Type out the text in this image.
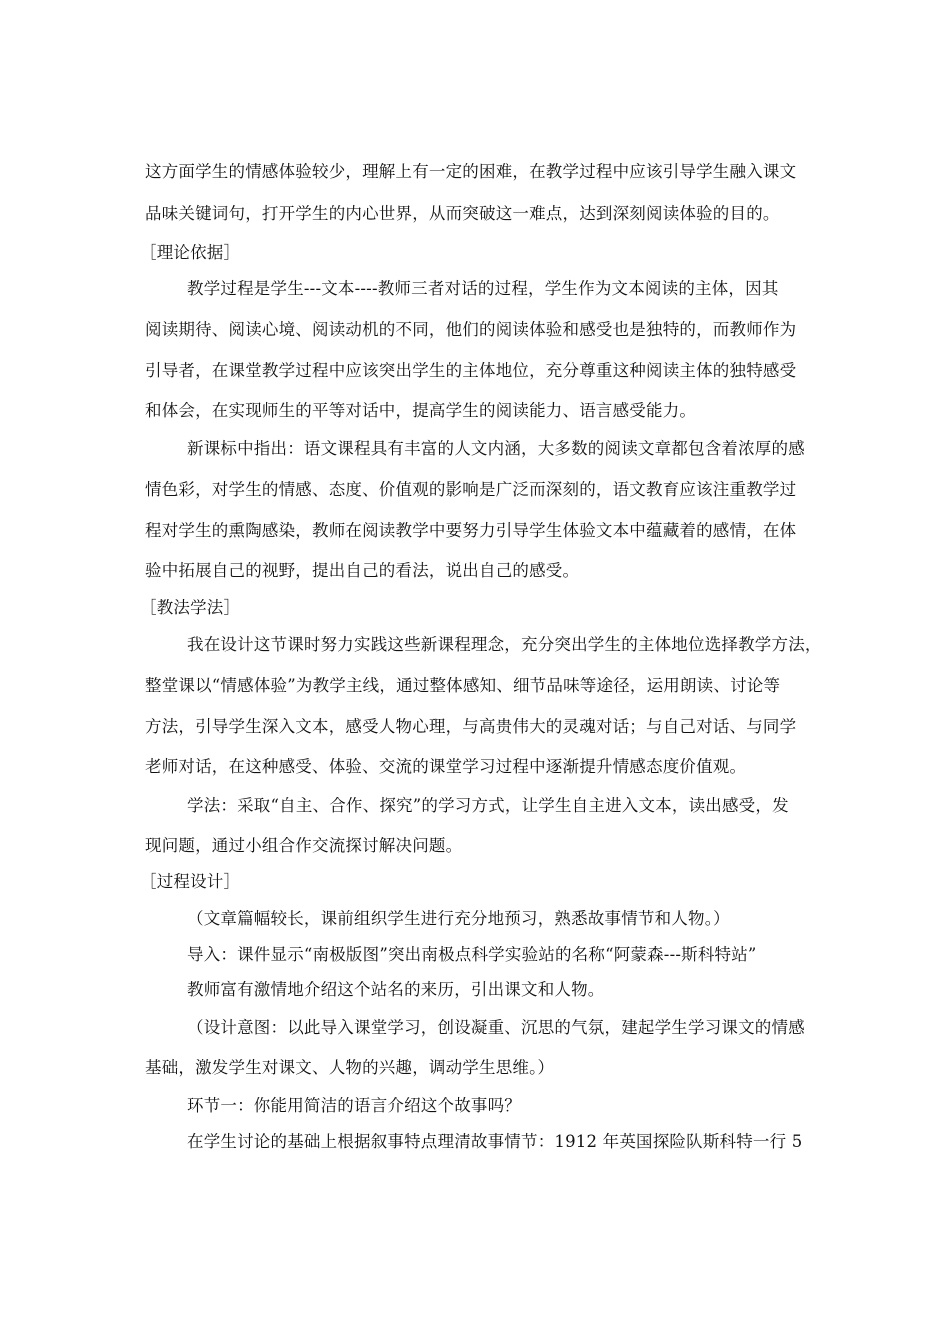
这方面学生的情感体验较少，理解上有一定的困难，在教学过程中应该引导学生融入课文
品味关键词句，打开学生的内心世界，从而突破这一难点，达到深刻阅读体验的目的。
［理论依据］
教学过程是学生---文本----教师三者对话的过程，学生作为文本阅读的主体，因其
阅读期待、阅读心境、阅读动机的不同，他们的阅读体验和感受也是独特的，而教师作为
引导者，在课堂教学过程中应该突出学生的主体地位，充分尊重这种阅读主体的独特感受
和体会，在实现师生的平等对话中，提高学生的阅读能力、语言感受能力。
新课标中指出：语文课程具有丰富的人文内涵，大多数的阅读文章都包含着浓厚的感
情色彩，对学生的情感、态度、价值观的影响是广泛而深刻的，语文教育应该注重教学过
程对学生的熏陶感染，教师在阅读教学中要努力引导学生体验文本中蕴藏着的感情，在体
验中拓展自己的视野，提出自己的看法，说出自己的感受。
［教法学法］
我在设计这节课时努力实践这些新课程理念，充分突出学生的主体地位选择教学方法，
整堂课以“情感体验”为教学主线，通过整体感知、细节品味等途径，运用朗读、讨论等
方法，引导学生深入文本，感受人物心理，与高贵伟大的灵魂对话；与自己对话、与同学
老师对话，在这种感受、体验、交流的课堂学习过程中逐渐提升情感态度价值观。
学法：采取“自主、合作、探究”的学习方式，让学生自主进入文本，读出感受，发
现问题，通过小组合作交流探讨解决问题。
［过程设计］
（文章篇幅较长，课前组织学生进行充分地预习，熟悉故事情节和人物。）
导入：课件显示“南极版图”突出南极点科学实验站的名称“阿蒙森---斯科特站”
教师富有激情地介绍这个站名的来历，引出课文和人物。
（设计意图：以此导入课堂学习，创设凝重、沉思的气氛，建起学生学习课文的情感
基础，激发学生对课文、人物的兴趣，调动学生思维。）
环节一：你能用简洁的语言介绍这个故事吗？
在学生讨论的基础上根据叙事特点理清故事情节：1912 年英国探险队斯科特一行 5
